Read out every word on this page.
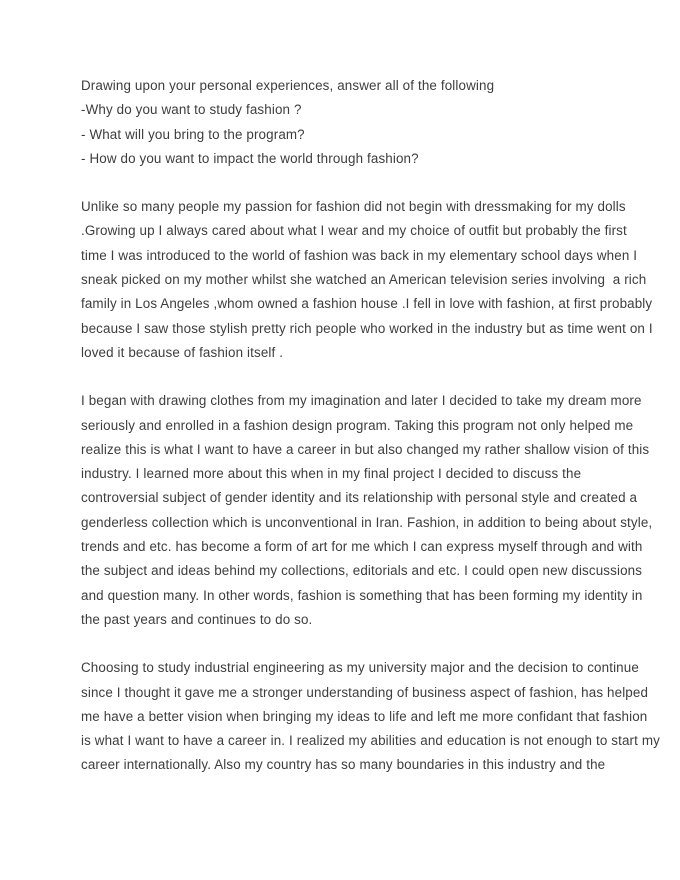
Drawing upon your personal experiences, answer all of the following
-Why do you want to study fashion ?
- What will you bring to the program?
- How do you want to impact the world through fashion?
Unlike so many people my passion for fashion did not begin with dressmaking for my dolls
.Growing up I always cared about what I wear and my choice of outfit but probably the first
time I was introduced to the world of fashion was back in my elementary school days when I
sneak picked on my mother whilst she watched an American television series involving  a rich
family in Los Angeles ,whom owned a fashion house .I fell in love with fashion, at first probably
because I saw those stylish pretty rich people who worked in the industry but as time went on I
loved it because of fashion itself .
I began with drawing clothes from my imagination and later I decided to take my dream more
seriously and enrolled in a fashion design program. Taking this program not only helped me
realize this is what I want to have a career in but also changed my rather shallow vision of this
industry. I learned more about this when in my final project I decided to discuss the
controversial subject of gender identity and its relationship with personal style and created a
genderless collection which is unconventional in Iran. Fashion, in addition to being about style,
trends and etc. has become a form of art for me which I can express myself through and with
the subject and ideas behind my collections, editorials and etc. I could open new discussions
and question many. In other words, fashion is something that has been forming my identity in
the past years and continues to do so.
Choosing to study industrial engineering as my university major and the decision to continue
since I thought it gave me a stronger understanding of business aspect of fashion, has helped
me have a better vision when bringing my ideas to life and left me more confidant that fashion
is what I want to have a career in. I realized my abilities and education is not enough to start my
career internationally. Also my country has so many boundaries in this industry and the
